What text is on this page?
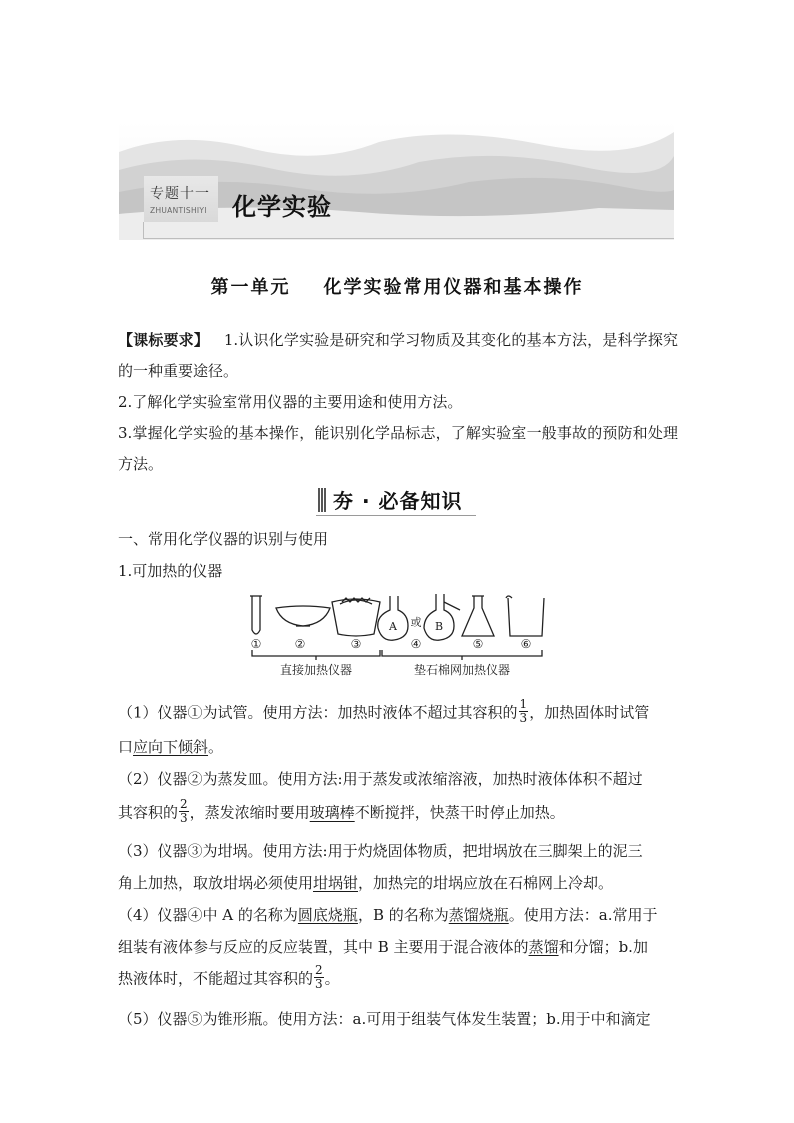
专题十一
ZHUANTISHIYI 化学实验
第一单元 化学实验常用仪器和基本操作

【课标要求】 1.认识化学实验是研究和学习物质及其变化的基本方法，是科学探究的一种重要途径。

2.了解化学实验室常用仪器的主要用途和使用方法。

3.掌握化学实验的基本操作，能识别化学品标志，了解实验室一般事故的预防和处理方法。

夯 · 必备知识
一、常用化学仪器的识别与使用
1.可加热的仪器
①	②	③	④	⑤	⑥
A	B
或
直接加热仪器	垫石棉网加热仪器
（1）仪器①为试管。使用方法：加热时液体不超过其容积的 $\frac{1}{3}$ ，加热固体时试管
口应向下倾斜。
（2）仪器②为蒸发皿。使用方法:用于蒸发或浓缩溶液，加热时液体体积不超过
其容积的 $\frac{2}{3}$ ，蒸发浓缩时要用玻璃棒不断搅拌，快蒸干时停止加热。
（3）仪器③为坩埚。使用方法:用于灼烧固体物质，把坩埚放在三脚架上的泥三
角上加热，取放坩埚必须使用坩埚钳，加热完的坩埚应放在石棉网上冷却。
（4）仪器④中 A 的名称为圆底烧瓶，B 的名称为蒸馏烧瓶。使用方法：a.常用于
组装有液体参与反应的反应装置，其中 B 主要用于混合液体的蒸馏和分馏；b.加
热液体时，不能超过其容积的 $\frac{2}{3}$ 。
（5）仪器⑤为锥形瓶。使用方法：a.可用于组装气体发生装置；b.用于中和滴定
